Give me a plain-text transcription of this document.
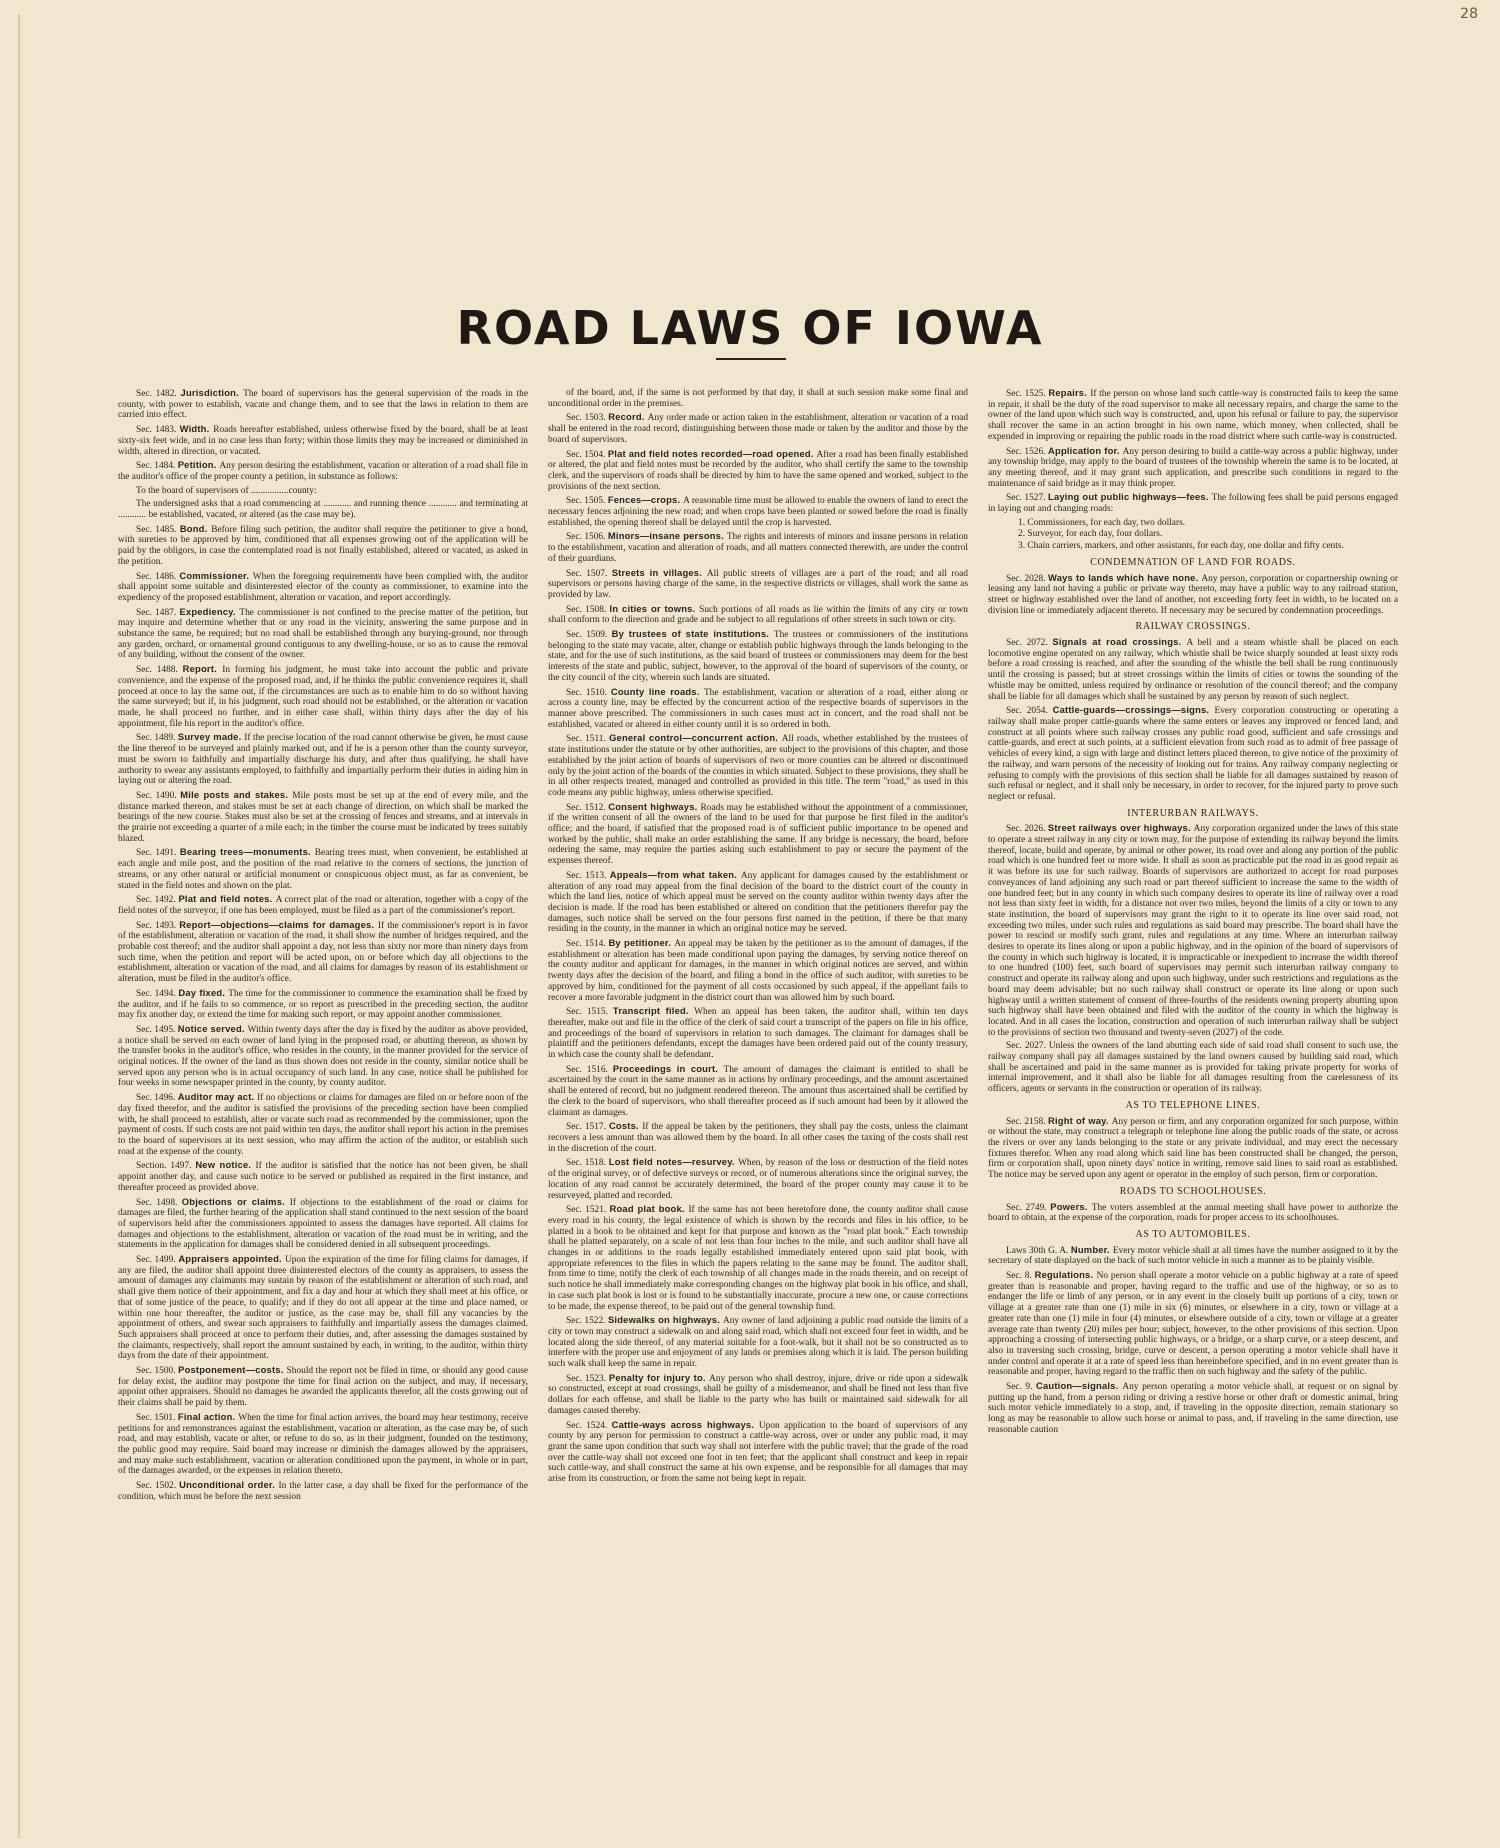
28
ROAD LAWS OF IOWA

Sec. 1482. Jurisdiction. The board of supervisors has the general supervision of the roads in the county, with power to establish, vacate and change them, and to see that the laws in relation to them are carried into effect.

Sec. 1483. Width. Roads hereafter established, unless otherwise fixed by the board, shall be at least sixty-six feet wide, and in no case less than forty; within those limits they may be increased or diminished in width, altered in direction, or vacated.

Sec. 1484. Petition. Any person desiring the establishment, vacation or alteration of a road shall file in the auditor's office of the proper county a petition, in substance as follows:

To the board of supervisors of ................county:

The undersigned asks that a road commencing at ............ and running thence ............ and terminating at ............ be established, vacated, or altered (as the case may be).

Sec. 1485. Bond. Before filing such petition, the auditor shall require the petitioner to give a bond, with sureties to be approved by him, conditioned that all expenses growing out of the application will be paid by the obligors, in case the contemplated road is not finally established, altered or vacated, as asked in the petition.

Sec. 1486. Commissioner. When the foregoing requirements have been complied with, the auditor shall appoint some suitable and disinterested elector of the county as commissioner, to examine into the expediency of the proposed establishment, alteration or vacation, and report accordingly.

Sec. 1487. Expediency. The commissioner is not confined to the precise matter of the petition, but may inquire and determine whether that or any road in the vicinity, answering the same purpose and in substance the same, be required; but no road shall be established through any burying-ground, nor through any garden, orchard, or ornamental ground contiguous to any dwelling-house, or so as to cause the removal of any building, without the consent of the owner.

Sec. 1488. Report. In forming his judgment, he must take into account the public and private convenience, and the expense of the proposed road, and, if he thinks the public convenience requires it, shall proceed at once to lay the same out, if the circumstances are such as to enable him to do so without having the same surveyed; but if, in his judgment, such road should not be established, or the alteration or vacation made, he shall proceed no further, and in either case shall, within thirty days after the day of his appointment, file his report in the auditor's office.

Sec. 1489. Survey made. If the precise location of the road cannot otherwise be given, he must cause the line thereof to be surveyed and plainly marked out, and if he is a person other than the county surveyor, must be sworn to faithfully and impartially discharge his duty, and after thus qualifying, he shall have authority to swear any assistants employed, to faithfully and impartially perform their duties in aiding him in laying out or altering the road.

Sec. 1490. Mile posts and stakes. Mile posts must be set up at the end of every mile, and the distance marked thereon, and stakes must be set at each change of direction, on which shall be marked the bearings of the new course. Stakes must also be set at the crossing of fences and streams, and at intervals in the prairie not exceeding a quarter of a mile each; in the timber the course must be indicated by trees suitably blazed.

Sec. 1491. Bearing trees—monuments. Bearing trees must, when convenient, be established at each angle and mile post, and the position of the road relative to the corners of sections, the junction of streams, or any other natural or artificial monument or conspicuous object must, as far as convenient, be stated in the field notes and shown on the plat.

Sec. 1492. Plat and field notes. A correct plat of the road or alteration, together with a copy of the field notes of the surveyor, if one has been employed, must be filed as a part of the commissioner's report.

Sec. 1493. Report—objections—claims for damages. If the commissioner's report is in favor of the establishment, alteration or vacation of the road, it shall show the number of bridges required, and the probable cost thereof; and the auditor shall appoint a day, not less than sixty nor more than ninety days from such time, when the petition and report will be acted upon, on or before which day all objections to the establishment, alteration or vacation of the road, and all claims for damages by reason of its establishment or alteration, must be filed in the auditor's office.

Sec. 1494. Day fixed. The time for the commissioner to commence the examination shall be fixed by the auditor, and if he fails to so commence, or so report as prescribed in the preceding section, the auditor may fix another day, or extend the time for making such report, or may appoint another commissioner.

Sec. 1495. Notice served. Within twenty days after the day is fixed by the auditor as above provided, a notice shall be served on each owner of land lying in the proposed road, or abutting thereon, as shown by the transfer books in the auditor's office, who resides in the county, in the manner provided for the service of original notices. If the owner of the land as thus shown does not reside in the county, similar notice shall be served upon any person who is in actual occupancy of such land. In any case, notice shall be published for four weeks in some newspaper printed in the county, by county auditor.

Sec. 1496. Auditor may act. If no objections or claims for damages are filed on or before noon of the day fixed therefor, and the auditor is satisfied the provisions of the preceding section have been complied with, he shall proceed to establish, alter or vacate such road as recommended by the commissioner, upon the payment of costs. If such costs are not paid within ten days, the auditor shall report his action in the premises to the board of supervisors at its next session, who may affirm the action of the auditor, or establish such road at the expense of the county.

Section. 1497. New notice. If the auditor is satisfied that the notice has not been given, he shall appoint another day, and cause such notice to be served or published as required in the first instance, and thereafter proceed as provided above.

Sec. 1498. Objections or claims. If objections to the establishment of the road or claims for damages are filed, the further hearing of the application shall stand continued to the next session of the board of supervisors held after the commissioners appointed to assess the damages have reported. All claims for damages and objections to the establishment, alteration or vacation of the road must be in writing, and the statements in the application for damages shall be considered denied in all subsequent proceedings.

Sec. 1499. Appraisers appointed. Upon the expiration of the time for filing claims for damages, if any are filed, the auditor shall appoint three disinterested electors of the county as appraisers, to assess the amount of damages any claimants may sustain by reason of the establishment or alteration of such road, and shall give them notice of their appointment, and fix a day and hour at which they shall meet at his office, or that of some justice of the peace, to qualify; and if they do not all appear at the time and place named, or within one hour thereafter, the auditor or justice, as the case may be, shall fill any vacancies by the appointment of others, and swear such appraisers to faithfully and impartially assess the damages claimed. Such appraisers shall proceed at once to perform their duties, and, after assessing the damages sustained by the claimants, respectively, shall report the amount sustained by each, in writing, to the auditor, within thirty days from the date of their appointment.

Sec. 1500. Postponement—costs. Should the report not be filed in time, or should any good cause for delay exist, the auditor may postpone the time for final action on the subject, and may, if necessary, appoint other appraisers. Should no damages be awarded the applicants therefor, all the costs growing out of their claims shall be paid by them.

Sec. 1501. Final action. When the time for final action arrives, the board may hear testimony, receive petitions for and remonstrances against the establishment, vacation or alteration, as the case may be, of such road, and may establish, vacate or alter, or refuse to do so, as in their judgment, founded on the testimony, the public good may require. Said board may increase or diminish the damages allowed by the appraisers, and may make such establishment, vacation or alteration conditioned upon the payment, in whole or in part, of the damages awarded, or the expenses in relation thereto.

Sec. 1502. Unconditional order. In the latter case, a day shall be fixed for the performance of the condition, which must be before the next session

of the board, and, if the same is not performed by that day, it shall at such session make some final and unconditional order in the premises.

Sec. 1503. Record. Any order made or action taken in the establishment, alteration or vacation of a road shall be entered in the road record, distinguishing between those made or taken by the auditor and those by the board of supervisors.

Sec. 1504. Plat and field notes recorded—road opened. After a road has been finally established or altered, the plat and field notes must be recorded by the auditor, who shall certify the same to the township clerk, and the supervisors of roads shall be directed by him to have the same opened and worked, subject to the provisions of the next section.

Sec. 1505. Fences—crops. A reasonable time must be allowed to enable the owners of land to erect the necessary fences adjoining the new road; and when crops have been planted or sowed before the road is finally established, the opening thereof shall be delayed until the crop is harvested.

Sec. 1506. Minors—insane persons. The rights and interests of minors and insane persons in relation to the establishment, vacation and alteration of roads, and all matters connected therewith, are under the control of their guardians.

Sec. 1507. Streets in villages. All public streets of villages are a part of the road; and all road supervisors or persons having charge of the same, in the respective districts or villages, shall work the same as provided by law.

Sec. 1508. In cities or towns. Such portions of all roads as lie within the limits of any city or town shall conform to the direction and grade and be subject to all regulations of other streets in such town or city.

Sec. 1509. By trustees of state institutions. The trustees or commissioners of the institutions belonging to the state may vacate, alter, change or establish public highways through the lands belonging to the state, and for the use of such institutions, as the said board of trustees or commissioners may deem for the best interests of the state and public, subject, however, to the approval of the board of supervisors of the county, or the city council of the city, wherein such lands are situated.

Sec. 1510. County line roads. The establishment, vacation or alteration of a road, either along or across a county line, may be effected by the concurrent action of the respective boards of supervisors in the manner above prescribed. The commissioners in such cases must act in concert, and the road shall not be established, vacated or altered in either county until it is so ordered in both.

Sec. 1511. General control—concurrent action. All roads, whether established by the trustees of state institutions under the statute or by other authorities, are subject to the provisions of this chapter, and those established by the joint action of boards of supervisors of two or more counties can be altered or discontinued only by the joint action of the boards of the counties in which situated. Subject to these provisions, they shall be in all other respects treated, managed and controlled as provided in this title. The term "road," as used in this code means any public highway, unless otherwise specified.

Sec. 1512. Consent highways. Roads may be established without the appointment of a commissioner, if the written consent of all the owners of the land to be used for that purpose be first filed in the auditor's office; and the board, if satisfied that the proposed road is of sufficient public importance to be opened and worked by the public, shall make an order establishing the same. If any bridge is necessary, the board, before ordering the same, may require the parties asking such establishment to pay or secure the payment of the expenses thereof.

Sec. 1513. Appeals—from what taken. Any applicant for damages caused by the establishment or alteration of any road may appeal from the final decision of the board to the district court of the county in which the land lies, notice of which appeal must be served on the county auditor within twenty days after the decision is made. If the road has been established or altered on condition that the petitioners therefor pay the damages, such notice shall be served on the four persons first named in the petition, if there be that many residing in the county, in the manner in which an original notice may be served.

Sec. 1514. By petitioner. An appeal may be taken by the petitioner as to the amount of damages, if the establishment or alteration has been made conditional upon paying the damages, by serving notice thereof on the county auditor and applicant for damages, in the manner in which original notices are served, and within twenty days after the decision of the board, and filing a bond in the office of such auditor, with sureties to be approved by him, conditioned for the payment of all costs occasioned by such appeal, if the appellant fails to recover a more favorable judgment in the district court than was allowed him by such board.

Sec. 1515. Transcript filed. When an appeal has been taken, the auditor shall, within ten days thereafter, make out and file in the office of the clerk of said court a transcript of the papers on file in his office, and proceedings of the board of supervisors in relation to such damages. The claimant for damages shall be plaintiff and the petitioners defendants, except the damages have been ordered paid out of the county treasury, in which case the county shall be defendant.

Sec. 1516. Proceedings in court. The amount of damages the claimant is entitled to shall be ascertained by the court in the same manner as in actions by ordinary proceedings, and the amount ascertained shall be entered of record, but no judgment rendered thereon. The amount thus ascertained shall be certified by the clerk to the board of supervisors, who shall thereafter proceed as if such amount had been by it allowed the claimant as damages.

Sec. 1517. Costs. If the appeal be taken by the petitioners, they shall pay the costs, unless the claimant recovers a less amount than was allowed them by the board. In all other cases the taxing of the costs shall rest in the discretion of the court.

Sec. 1518. Lost field notes—resurvey. When, by reason of the loss or destruction of the field notes of the original survey, or of defective surveys or record, or of numerous alterations since the original survey, the location of any road cannot be accurately determined, the board of the proper county may cause it to be resurveyed, platted and recorded.

Sec. 1521. Road plat book. If the same has not been heretofore done, the county auditor shall cause every road in his county, the legal existence of which is shown by the records and files in his office, to be platted in a book to be obtained and kept for that purpose and known as the "road plat book." Each township shall be platted separately, on a scale of not less than four inches to the mile, and such auditor shall have all changes in or additions to the roads legally established immediately entered upon said plat book, with appropriate references to the files in which the papers relating to the same may be found. The auditor shall, from time to time, notify the clerk of each township of all changes made in the roads therein, and on receipt of such notice he shall immediately make corresponding changes on the highway plat book in his office, and shall, in case such plat book is lost or is found to be substantially inaccurate, procure a new one, or cause corrections to be made, the expense thereof, to be paid out of the general township fund.

Sec. 1522. Sidewalks on highways. Any owner of land adjoining a public road outside the limits of a city or town may construct a sidewalk on and along said road, which shall not exceed four feet in width, and be located along the side thereof, of any material suitable for a foot-walk, but it shall not be so constructed as to interfere with the proper use and enjoyment of any lands or premises along which it is laid. The person building such walk shall keep the same in repair.

Sec. 1523. Penalty for injury to. Any person who shall destroy, injure, drive or ride upon a sidewalk so constructed, except at road crossings, shall be guilty of a misdemeanor, and shall be fined not less than five dollars for each offense, and shall be liable to the party who has built or maintained said sidewalk for all damages caused thereby.

Sec. 1524. Cattle-ways across highways. Upon application to the board of supervisors of any county by any person for permission to construct a cattle-way across, over or under any public road, it may grant the same upon condition that such way shall not interfere with the public travel; that the grade of the road over the cattle-way shall not exceed one foot in ten feet; that the applicant shall construct and keep in repair such cattle-way, and shall construct the same at his own expense, and be responsible for all damages that may arise from its construction, or from the same not being kept in repair.

Sec. 1525. Repairs. If the person on whose land such cattle-way is constructed fails to keep the same in repair, it shall be the duty of the road supervisor to make all necessary repairs, and charge the same to the owner of the land upon which such way is constructed, and, upon his refusal or failure to pay, the supervisor shall recover the same in an action brought in his own name, which money, when collected, shall be expended in improving or repairing the public roads in the road district where such cattle-way is constructed.

Sec. 1526. Application for. Any person desiring to build a cattle-way across a public highway, under any township bridge, may apply to the board of trustees of the township wherein the same is to be located, at any meeting thereof, and it may grant such application, and prescribe such conditions in regard to the maintenance of said bridge as it may think proper.

Sec. 1527. Laying out public highways—fees. The following fees shall be paid persons engaged in laying out and changing roads:

1. Commissioners, for each day, two dollars.
2. Surveyor, for each day, four dollars.
3. Chain carriers, markers, and other assistants, for each day, one dollar and fifty cents.
CONDEMNATION OF LAND FOR ROADS.

Sec. 2028. Ways to lands which have none. Any person, corporation or copartnership owning or leasing any land not having a public or private way thereto, may have a public way to any railroad station, street or highway established over the land of another, not exceeding forty feet in width, to be located on a division line or immediately adjacent thereto. If necessary may be secured by condemnation proceedings.

RAILWAY CROSSINGS.

Sec. 2072. Signals at road crossings. A bell and a steam whistle shall be placed on each locomotive engine operated on any railway, which whistle shall be twice sharply sounded at least sixty rods before a road crossing is reached, and after the sounding of the whistle the bell shall be rung continuously until the crossing is passed; but at street crossings within the limits of cities or towns the sounding of the whistle may be omitted, unless required by ordinance or resolution of the council thereof; and the company shall be liable for all damages which shall be sustained by any person by reason of such neglect.

Sec. 2054. Cattle-guards—crossings—signs. Every corporation constructing or operating a railway shall make proper cattle-guards where the same enters or leaves any improved or fenced land, and construct at all points where such railway crosses any public road good, sufficient and safe crossings and cattle-guards, and erect at such points, at a sufficient elevation from such road as to admit of free passage of vehicles of every kind, a sign with large and distinct letters placed thereon, to give notice of the proximity of the railway, and warn persons of the necessity of looking out for trains. Any railway company neglecting or refusing to comply with the provisions of this section shall be liable for all damages sustained by reason of such refusal or neglect, and it shall only be necessary, in order to recover, for the injured party to prove such neglect or refusal.

INTERURBAN RAILWAYS.

Sec. 2026. Street railways over highways. Any corporation organized under the laws of this state to operate a street railway in any city or town may, for the purpose of extending its railway beyond the limits thereof, locate, build and operate, by animal or other power, its road over and along any portion of the public road which is one hundred feet or more wide. It shall as soon as practicable put the road in as good repair as it was before its use for such railway. Boards of supervisors are authorized to accept for road purposes conveyances of land adjoining any such road or part thereof sufficient to increase the same to the width of one hundred feet; but in any county in which such company desires to operate its line of railway over a road not less than sixty feet in width, for a distance not over two miles, beyond the limits of a city or town to any state institution, the board of supervisors may grant the right to it to operate its line over said road, not exceeding two miles, under such rules and regulations as said board may prescribe. The board shall have the power to rescind or modify such grant, rules and regulations at any time. Where an interurban railway desires to operate its lines along or upon a public highway, and in the opinion of the board of supervisors of the county in which such highway is located, it is impracticable or inexpedient to increase the width thereof to one hundred (100) feet, such board of supervisors may permit such interurban railway company to construct and operate its railway along and upon such highway, under such restrictions and regulations as the board may deem advisable; but no such railway shall construct or operate its line along or upon such highway until a written statement of consent of three-fourths of the residents owning property abutting upon such highway shall have been obtained and filed with the auditor of the county in which the highway is located. And in all cases the location, construction and operation of such interurban railway shall be subject to the provisions of section two thousand and twenty-seven (2027) of the code.

Sec. 2027. Unless the owners of the land abutting each side of said road shall consent to such use, the railway company shall pay all damages sustained by the land owners caused by building said road, which shall be ascertained and paid in the same manner as is provided for taking private property for works of internal improvement, and it shall also be liable for all damages resulting from the carelessness of its officers, agents or servants in the construction or operation of its railway.

AS TO TELEPHONE LINES.

Sec. 2158. Right of way. Any person or firm, and any corporation organized for such purpose, within or without the state, may construct a telegraph or telephone line along the public roads of the state, or across the rivers or over any lands belonging to the state or any private individual, and may erect the necessary fixtures therefor. When any road along which said line has been constructed shall be changed, the person, firm or corporation shall, upon ninety days' notice in writing, remove said lines to said road as established. The notice may be served upon any agent or operator in the employ of such person, firm or corporation.

ROADS TO SCHOOLHOUSES.

Sec. 2749. Powers. The voters assembled at the annual meeting shall have power to authorize the board to obtain, at the expense of the corporation, roads for proper access to its schoolhouses.

AS TO AUTOMOBILES.

Laws 30th G. A. Number. Every motor vehicle shall at all times have the number assigned to it by the secretary of state displayed on the back of such motor vehicle in such a manner as to be plainly visible.

Sec. 8. Regulations. No person shall operate a motor vehicle on a public highway at a rate of speed greater than is reasonable and proper, having regard to the traffic and use of the highway, or so as to endanger the life or limb of any person, or in any event in the closely built up portions of a city, town or village at a greater rate than one (1) mile in six (6) minutes, or elsewhere in a city, town or village at a greater rate than one (1) mile in four (4) minutes, or elsewhere outside of a city, town or village at a greater average rate than twenty (20) miles per hour; subject, however, to the other provisions of this section. Upon approaching a crossing of intersecting public highways, or a bridge, or a sharp curve, or a steep descent, and also in traversing such crossing, bridge, curve or descent, a person operating a motor vehicle shall have it under control and operate it at a rate of speed less than hereinbefore specified, and in no event greater than is reasonable and proper, having regard to the traffic then on such highway and the safety of the public.

Sec. 9. Caution—signals. Any person operating a motor vehicle shall, at request or on signal by putting up the hand, from a person riding or driving a restive horse or other draft or domestic animal, bring such motor vehicle immediately to a stop, and, if traveling in the opposite direction, remain stationary so long as may be reasonable to allow such horse or animal to pass, and, if traveling in the same direction, use reasonable caution
